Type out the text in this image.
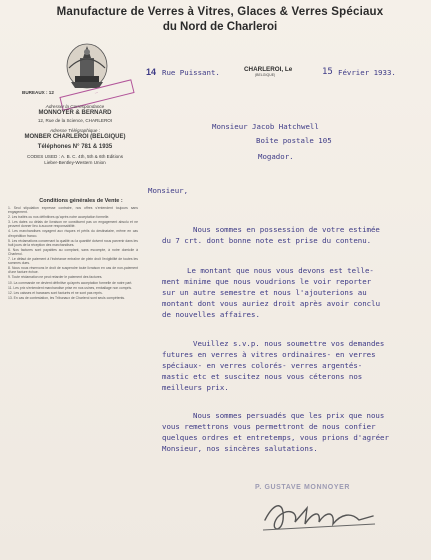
Manufacture de Verres à Vitres, Glaces & Verres Spéciaux
du Nord de Charleroi
BUREAUX : 12	...
Adresser la Correspondance
MONNOYER & BERNARD
12, Rue de la Science, CHARLEROI
Adresse Télégraphique :
MONBER CHARLEROI (BELGIQUE)
Téléphones N° 781 & 1935
CODES USED : A. B. C. 4th, 5th & 6th Editions
Lieber-Bentley-Western Union
Conditions générales de Vente :

1. Seul stipulation expresse contraire, nos offres s'entendent toujours sans engagement.

2. Les traités ou nos définitives qu'après notre acceptation formelle.

3. Les dates ou délais de livraison ne constituent pas un engagement absolu et ne peuvent donner lieu à aucune responsabilité.

4. Les marchandises voyagent aux risques et périls du destinataire, même en cas d'expédition franco.

5. Les réclamations concernant la qualité ou la quantité doivent nous parvenir dans les huit jours de la réception des marchandises.

6. Nos factures sont payables au comptant, sans escompte, à notre domicile à Charleroi.

7. Le défaut de paiement à l'échéance entraîne de plein droit l'exigibilité de toutes les sommes dues.

8. Nous nous réservons le droit de suspendre toute livraison en cas de non-paiement d'une facture échue.

9. Toute réclamation ne peut retarder le paiement des factures.

10. La commande ne devient définitive qu'après acceptation formelle de notre part.

11. Les prix s'entendent marchandise prise en nos usines, emballage non compris.

12. Les caisses et harasses sont facturés et ne sont pas repris.

13. En cas de contestation, les Tribunaux de Charleroi sont seuls compétents.

14 Rue Puissant.	CHARLEROI, Le
(BELGIQUE)	15 Février 1933.
Monsieur Jacob Hatchwell
Boîte postale 105
Mogador.
Monsieur,
Nous sommes en possession de votre estimée
du 7 crt. dont bonne note est prise du contenu.
Le montant que nous vous devons est telle-
ment minime que nous voudrions le voir reporter
sur un autre semestre et nous l'ajouterions au
montant dont vous auriez droit après avoir conclu
de nouvelles affaires.
Veuillez s.v.p. nous soumettre vos demandes
futures en verres à vitres ordinaires- en verres
spéciaux- en verres colorés- verres argentés-
mastic etc et suscitez nous vous céterons nos
meilleurs prix.
Nous sommes persuadés que les prix que nous
vous remettrons vous permettront de nous confier
quelques ordres et entretemps, vous prions d'agréer
Monsieur, nos sincères salutations.
P. GUSTAVE MONNOYER
